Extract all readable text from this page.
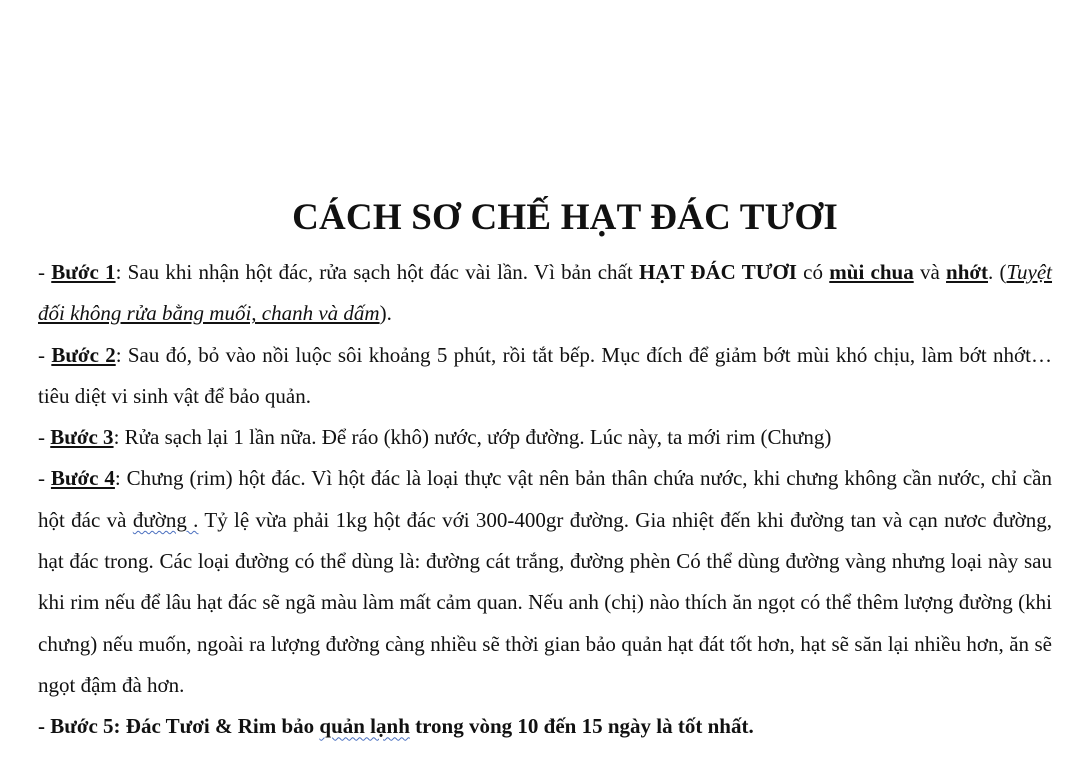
CÁCH SƠ CHẾ HẠT ĐÁC TƯƠI

- Bước 1: Sau khi nhận hột đác, rửa sạch hột đác vài lần. Vì bản chất HẠT ĐÁC TƯƠI có mùi chua và nhớt. (Tuyệt đối không rửa bằng muối, chanh và dấm).

- Bước 2: Sau đó, bỏ vào nồi luộc sôi khoảng 5 phút, rồi tắt bếp. Mục đích để giảm bớt mùi khó chịu, làm bớt nhớt… tiêu diệt vi sinh vật để bảo quản.

- Bước 3: Rửa sạch lại 1 lần nữa. Để ráo (khô) nước, ướp đường. Lúc này, ta mới rim (Chưng)

- Bước 4: Chưng (rim) hột đác. Vì hột đác là loại thực vật nên bản thân chứa nước, khi chưng không cần nước, chỉ cần hột đác và đường . Tỷ lệ vừa phải 1kg hột đác với 300-400gr đường. Gia nhiệt đến khi đường tan và cạn nươc đường, hạt đác trong. Các loại đường có thể dùng là: đường cát trắng, đường phèn Có thể dùng đường vàng nhưng loại này sau khi rim nếu để lâu hạt đác sẽ ngã màu làm mất cảm quan. Nếu anh (chị) nào thích ăn ngọt có thể thêm lượng đường (khi chưng) nếu muốn, ngoài ra lượng đường càng nhiều sẽ thời gian bảo quản hạt đát tốt hơn, hạt sẽ săn lại nhiều hơn, ăn sẽ ngọt đậm đà hơn.

- Bước 5: Đác Tươi & Rim bảo quản lạnh trong vòng 10 đến 15 ngày là tốt nhất.
